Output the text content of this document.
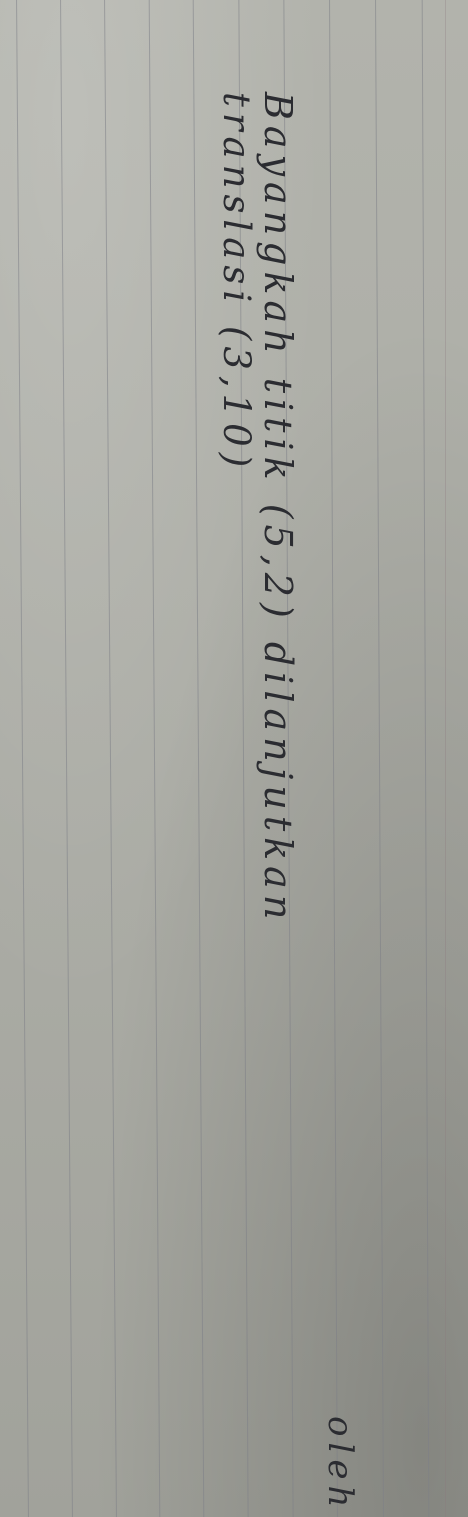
Bayangkah titik (5,2) dilanjutkan
translasi (3,10)
oleh
